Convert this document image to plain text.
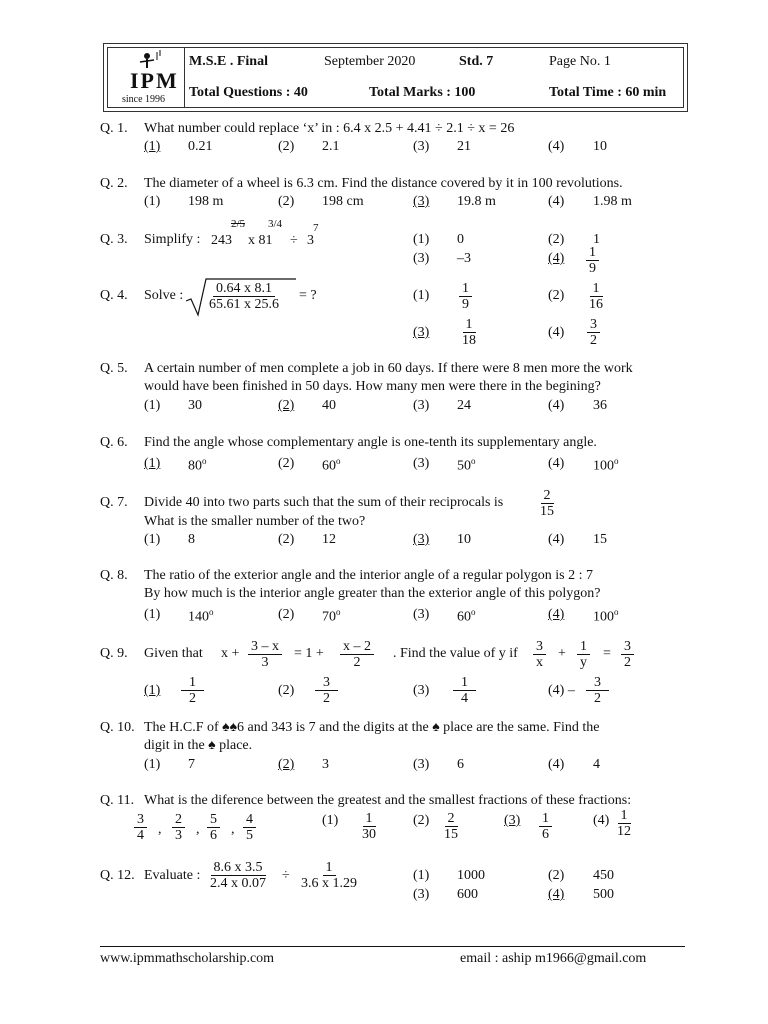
IPM
since 1996
M.S.E . Final	September 2020	Std. 7	Page No. 1
Total Questions : 40	Total Marks : 100	Total Time : 60 min
Q. 1. What number could replace ‘x’ in : 6.4 x 2.5 + 4.41 ÷ 2.1 ÷ x = 26
(1) 0.21	(2) 2.1	(3) 21	(4) 10
Q. 2. The diameter of a wheel is 6.3 cm. Find the distance covered by it in 100 revolutions.
(1) 198 m	(2) 198 cm	(3) 19.8 m	(4) 1.98 m
Q. 3. Simplify : 243
2/5
x 81
3/4
÷ 3
7
(1) 0	(2) 1
(3) –3	$(4) \frac{1}{9}$
Q. 4. Solve : $\frac{0.64 x 8.1}{65.61 x 25.6}$ = ?	$(1) \frac{1}{9}$	$(2) \frac{1}{16}$
$(3) \frac{1}{18}$	$(4) \frac{3}{2}$
Q. 5. A certain number of men complete a job in 60 days. If there were 8 men more the work
would have been finished in 50 days. How many men were there in the begining?
(1) 30	(2) 40	(3) 24	(4) 36
Q. 6. Find the angle whose complementary angle is one-tenth its supplementary angle.
(1) 80$^o$	(2) 60$^o$	(3) 50$^o$	(4) 100$^o$
Q. 7. Divide 40 into two parts such that the sum of their reciprocals is $\frac{2}{15}$
What is the smaller number of the two?
(1) 8	(2) 12	(3) 10	(4) 15
Q. 8. The ratio of the exterior angle and the interior angle of a regular polygon is 2 : 7
By how much is the interior angle greater than the exterior angle of this polygon?
(1) 140$^o$	(2) 70$^o$	(3) 60$^o$	(4) 100$^o$
Q. 9. Given that $x + \frac{3 - x}{3} = 1 + \frac{x - 2}{2}$ . Find the value of y if $\frac{3}{x} + \frac{1}{y} = \frac{3}{2}$
$(1) \frac{1}{2}$	$(2) \frac{3}{2}$	$(3) \frac{1}{4}$	$(4) - \frac{3}{2}$
Q. 10. The H.C.F of ♠♠6 and 343 is 7 and the digits at the ♠ place are the same. Find the
digit in the ♠ place.
(1) 7	(2) 3	(3) 6	(4) 4
Q. 11. What is the diference between the greatest and the smallest fractions of these fractions:
$\frac{3}{4}$ , $\frac{2}{3}$ , $\frac{5}{6}$ , $\frac{4}{5}$	$(1) \frac{1}{30} (2) \frac{2}{15}$	$(3) \frac{1}{6}$	$(4) \frac{1}{12}$
Q. 12. Evaluate : $\frac{8.6 x 3.5}{2.4 x 0.07} \div \frac{1}{3.6 x 1.29}$	(1) 1000	(2) 450
(3) 600	(4) 500
www.ipmmathscholarship.com	email : aship m1966@gmail.com
